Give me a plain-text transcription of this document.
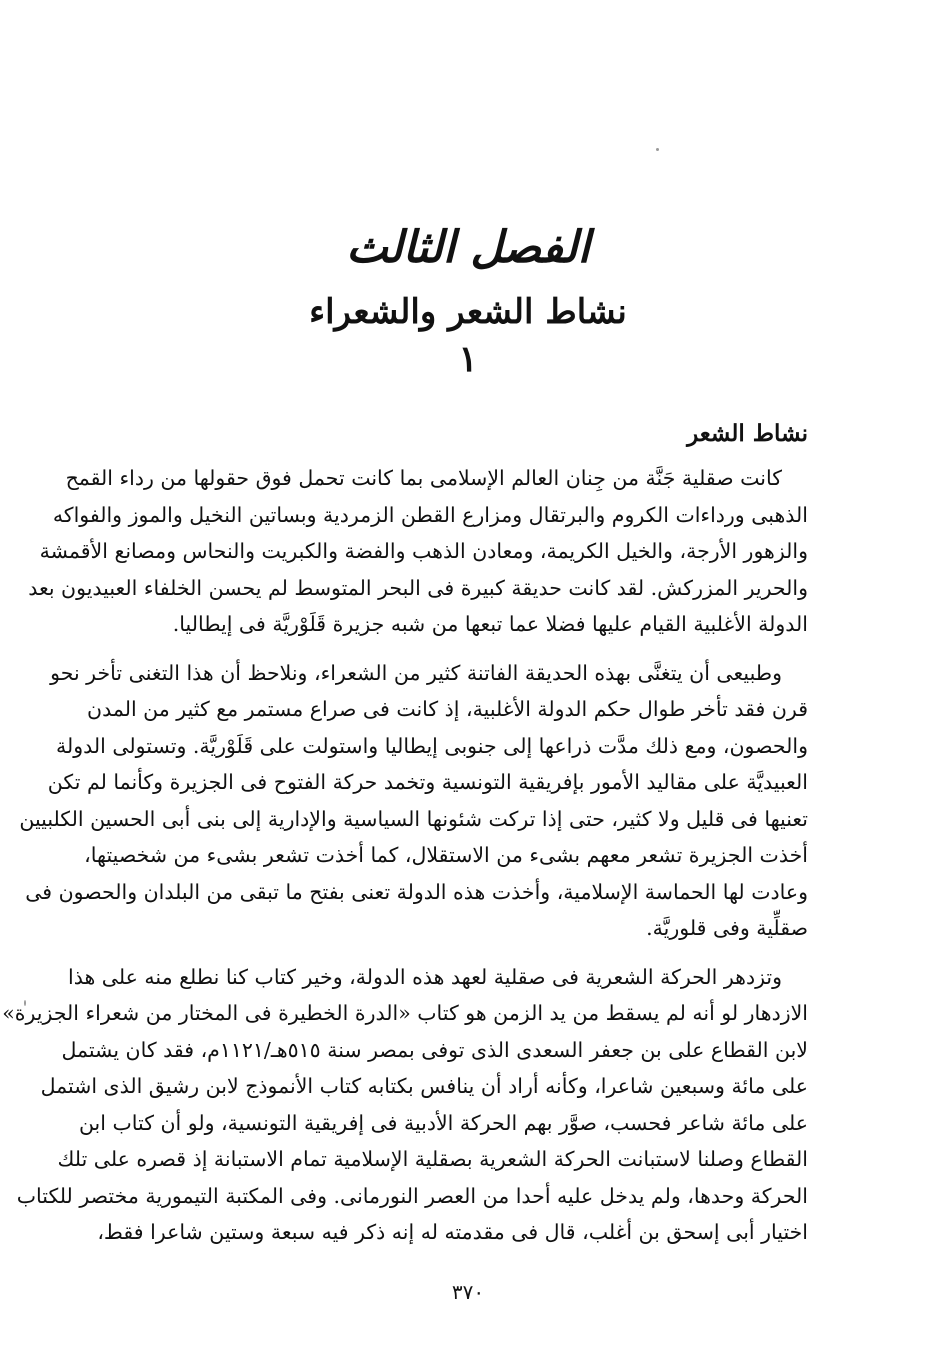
الفصل الثالث
نشاط الشعر والشعراء
١
نشاط الشعر
كانت صقلية جَنَّة من جِنان العالم الإسلامى بما كانت تحمل فوق حقولها من رداء القمح
الذهبى ورداءات الكروم والبرتقال ومزارع القطن الزمردية وبساتين النخيل والموز والفواكه
والزهور الأرجة، والخيل الكريمة، ومعادن الذهب والفضة والكبريت والنحاس ومصانع الأقمشة
والحرير المزركش. لقد كانت حديقة كبيرة فى البحر المتوسط لم يحسن الخلفاء العبيديون بعد
الدولة الأغلبية القيام عليها فضلا عما تبعها من شبه جزيرة قَلَوْريَّة فى إيطاليا.
وطبيعى أن يتغنَّى بهذه الحديقة الفاتنة كثير من الشعراء، ونلاحظ أن هذا التغنى تأخر نحو
قرن فقد تأخر طوال حكم الدولة الأغلبية، إذ كانت فى صراع مستمر مع كثير من المدن
والحصون، ومع ذلك مدَّت ذراعها إلى جنوبى إيطاليا واستولت على قَلَوْريَّة. وتستولى الدولة
العبيديَّة على مقاليد الأمور بإفريقية التونسية وتخمد حركة الفتوح فى الجزيرة وكأنما لم تكن
تعنيها فى قليل ولا كثير، حتى إذا تركت شئونها السياسية والإدارية إلى بنى أبى الحسين الكلبيين
أخذت الجزيرة تشعر معهم بشىء من الاستقلال، كما أخذت تشعر بشىء من شخصيتها،
وعادت لها الحماسة الإسلامية، وأخذت هذه الدولة تعنى بفتح ما تبقى من البلدان والحصون فى
صقلِّية وفى قلوريَّة.
وتزدهر الحركة الشعرية فى صقلية لعهد هذه الدولة، وخير كتاب كنا نطلع منه على هذا
الازدهار لو أنه لم يسقط من يد الزمن هو كتاب «الدرة الخطيرة فى المختار من شعراء الجزيرة»
لابن القطاع على بن جعفر السعدى الذى توفى بمصر سنة ٥١٥هـ/١١٢١م، فقد كان يشتمل
على مائة وسبعين شاعرا، وكأنه أراد أن ينافس بكتابه كتاب الأنموذج لابن رشيق الذى اشتمل
على مائة شاعر فحسب، صوَّر بهم الحركة الأدبية فى إفريقية التونسية، ولو أن كتاب ابن
القطاع وصلنا لاستبانت الحركة الشعرية بصقلية الإسلامية تمام الاستبانة إذ قصره على تلك
الحركة وحدها، ولم يدخل عليه أحدا من العصر النورمانى. وفى المكتبة التيمورية مختصر للكتاب
اختيار أبى إسحق بن أغلب، قال فى مقدمته له إنه ذكر فيه سبعة وستين شاعرا فقط،
٣٧٠
